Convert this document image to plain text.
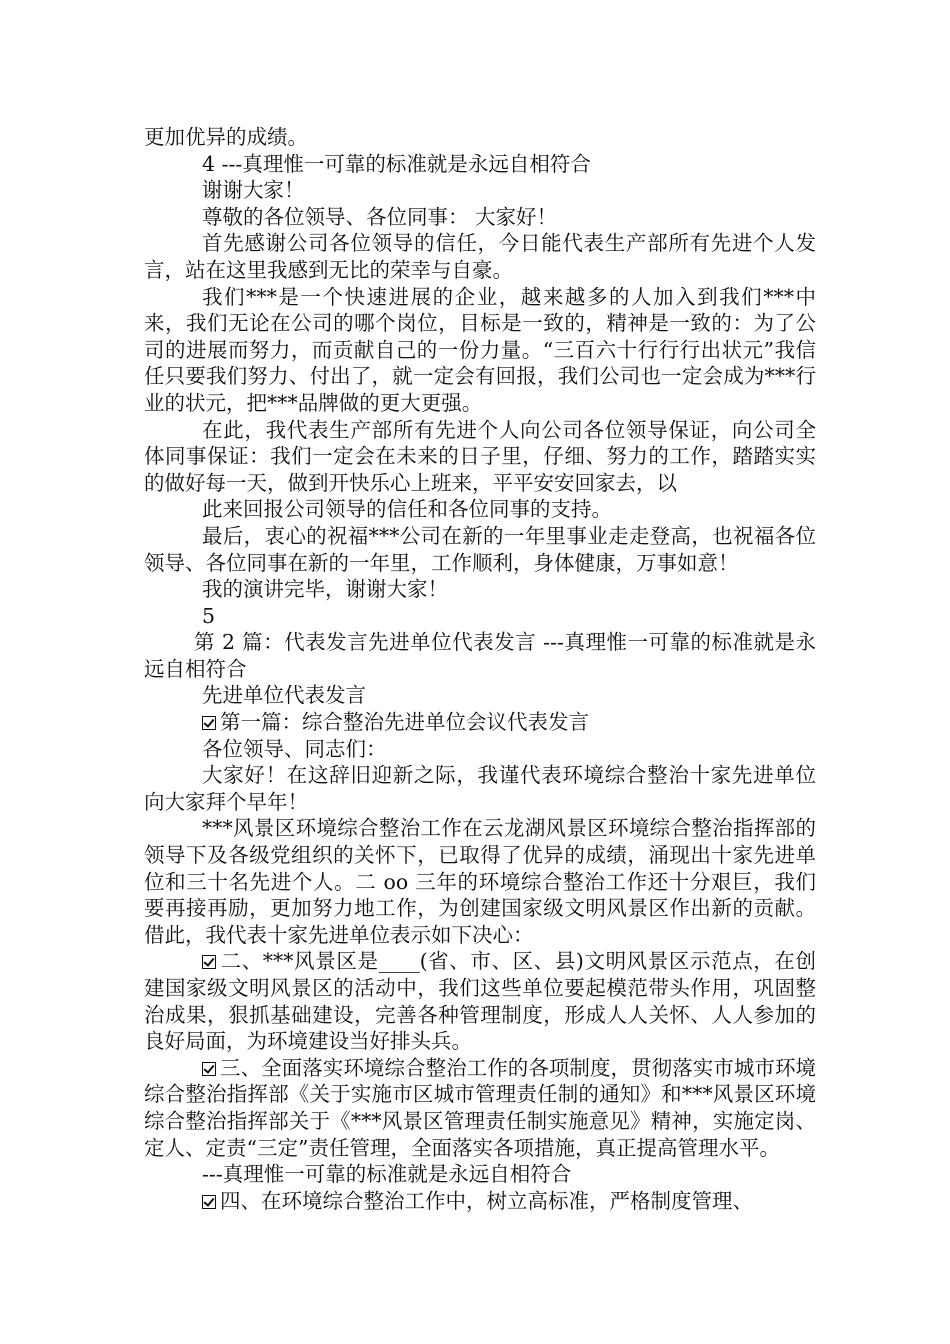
更加优异的成绩。

4 ---真理惟一可靠的标准就是永远自相符合

谢谢大家！

尊敬的各位领导、各位同事： 大家好！

首先感谢公司各位领导的信任，今日能代表生产部所有先进个人发言，站在这里我感到无比的荣幸与自豪。

我们***是一个快速进展的企业，越来越多的人加入到我们***中来，我们无论在公司的哪个岗位，目标是一致的，精神是一致的：为了公司的进展而努力，而贡献自己的一份力量。“三百六十行行行出状元”我信任只要我们努力、付出了，就一定会有回报，我们公司也一定会成为***行业的状元，把***品牌做的更大更强。

在此，我代表生产部所有先进个人向公司各位领导保证，向公司全体同事保证：我们一定会在未来的日子里，仔细、努力的工作，踏踏实实的做好每一天，做到开快乐心上班来，平平安安回家去，以

此来回报公司领导的信任和各位同事的支持。

最后，衷心的祝福***公司在新的一年里事业走走登高，也祝福各位领导、各位同事在新的一年里，工作顺利，身体健康，万事如意！

我的演讲完毕，谢谢大家！

5

第 2 篇：代表发言先进单位代表发言 ---真理惟一可靠的标准就是永远自相符合

先进单位代表发言

第一篇：综合整治先进单位会议代表发言

各位领导、同志们：

大家好！在这辞旧迎新之际，我谨代表环境综合整治十家先进单位向大家拜个早年！

***风景区环境综合整治工作在云龙湖风景区环境综合整治指挥部的领导下及各级党组织的关怀下，已取得了优异的成绩，涌现出十家先进单位和三十名先进个人。二 oo 三年的环境综合整治工作还十分艰巨，我们要再接再励，更加努力地工作，为创建国家级文明风景区作出新的贡献。借此，我代表十家先进单位表示如下决心：

二、***风景区是____(省、市、区、县)文明风景区示范点，在创建国家级文明风景区的活动中，我们这些单位要起模范带头作用，巩固整治成果，狠抓基础建设，完善各种管理制度，形成人人关怀、人人参加的良好局面，为环境建设当好排头兵。

三、全面落实环境综合整治工作的各项制度，贯彻落实市城市环境综合整治指挥部《关于实施市区城市管理责任制的通知》和***风景区环境综合整治指挥部关于《***风景区管理责任制实施意见》精神，实施定岗、定人、定责“三定”责任管理，全面落实各项措施，真正提高管理水平。

---真理惟一可靠的标准就是永远自相符合

四、在环境综合整治工作中，树立高标准，严格制度管理、
